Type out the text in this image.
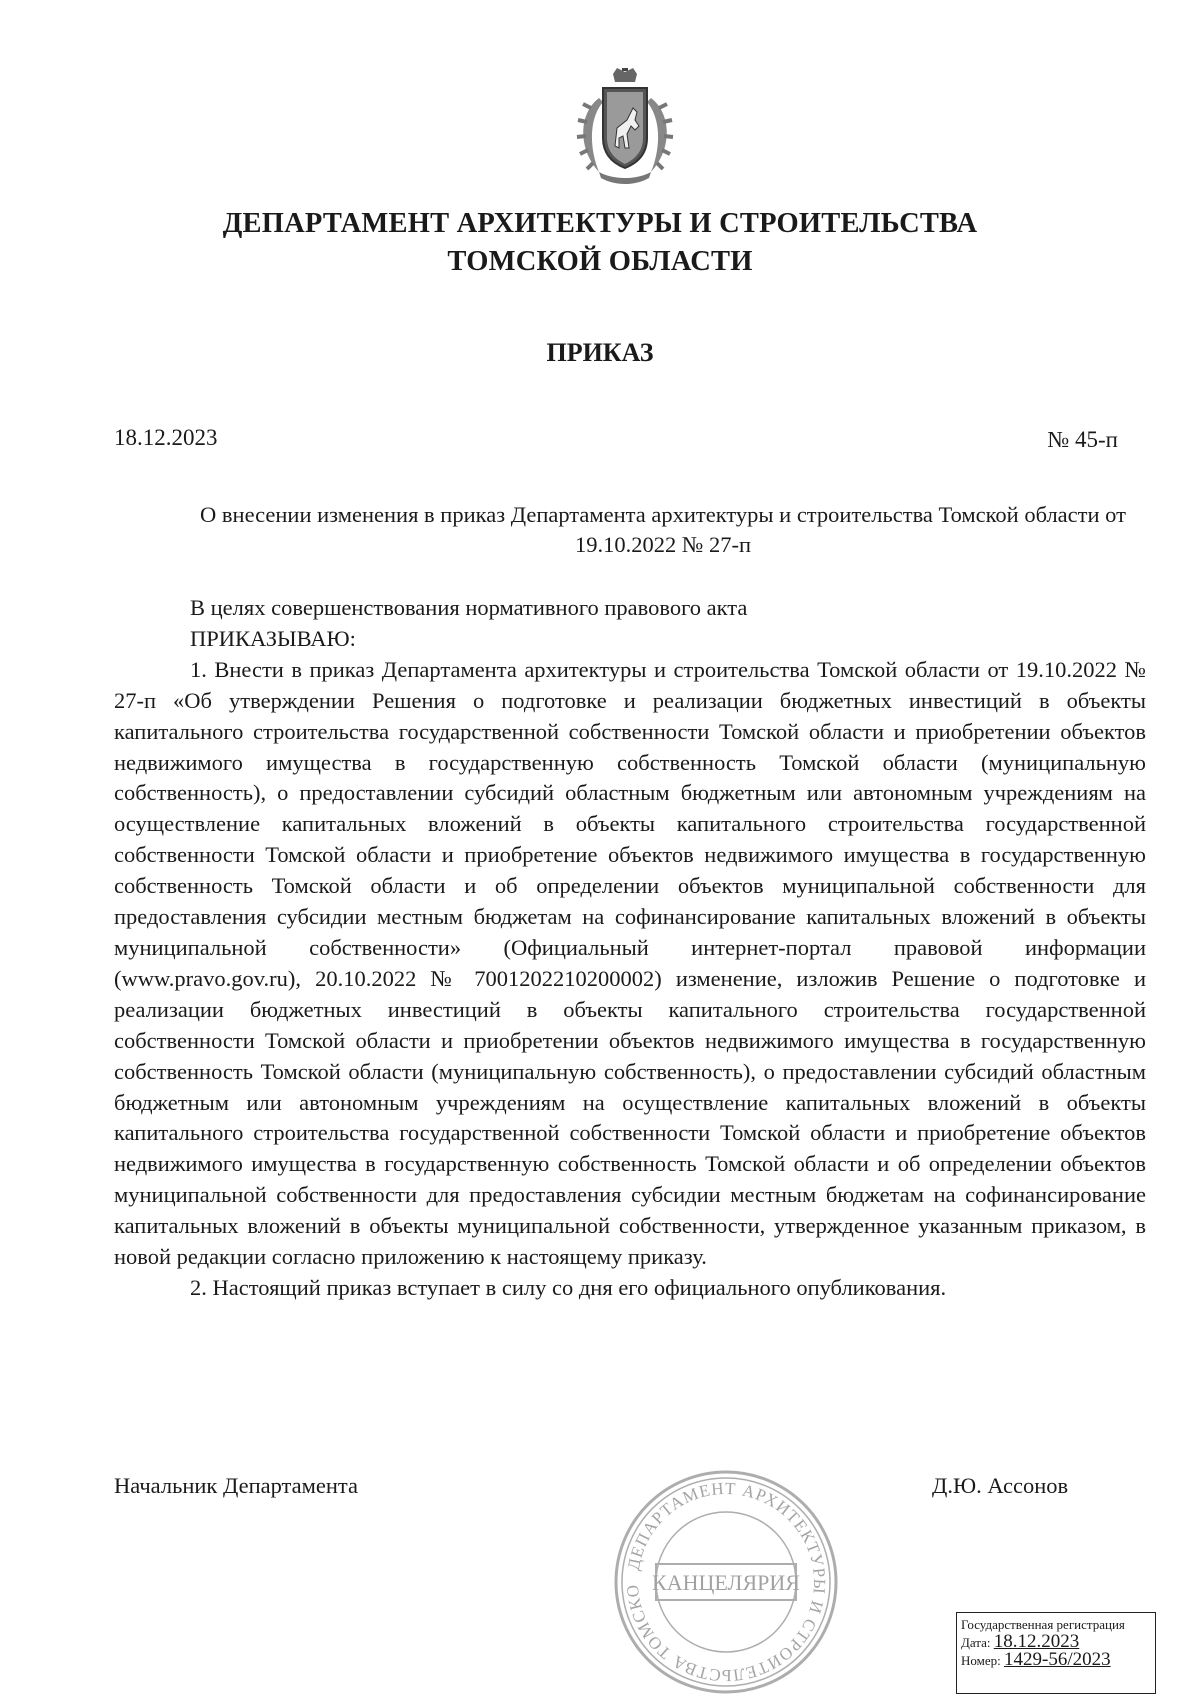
ДЕПАРТАМЕНТ АРХИТЕКТУРЫ И СТРОИТЕЛЬСТВА
ТОМСКОЙ ОБЛАСТИ
ПРИКАЗ
18.12.2023	№ 45-п
О внесении изменения в приказ Департамента архитектуры и строительства Томской области от 19.10.2022 № 27-п

В целях совершенствования нормативного правового акта

ПРИКАЗЫВАЮ:

1. Внести в приказ Департамента архитектуры и строительства Томской области от 19.10.2022 № 27-п «Об утверждении Решения о подготовке и реализации бюджетных инвестиций в объекты капитального строительства государственной собственности Томской области и приобретении объектов недвижимого имущества в государственную собственность Томской области (муниципальную собственность), о предоставлении субсидий областным бюджетным или автономным учреждениям на осуществление капитальных вложений в объекты капитального строительства государственной собственности Томской области и приобретение объектов недвижимого имущества в государственную собственность Томской области и об определении объектов муниципальной собственности для предоставления субсидии местным бюджетам на софинансирование капитальных вложений в объекты муниципальной собственности» (Официальный интернет-портал правовой информации (www.pravo.gov.ru), 20.10.2022 № 7001202210200002) изменение, изложив Решение о подготовке и реализации бюджетных инвестиций в объекты капитального строительства государственной собственности Томской области и приобретении объектов недвижимого имущества в государственную собственность Томской области (муниципальную собственность), о предоставлении субсидий областным бюджетным или автономным учреждениям на осуществление капитальных вложений в объекты капитального строительства государственной собственности Томской области и приобретение объектов недвижимого имущества в государственную собственность Томской области и об определении объектов муниципальной собственности для предоставления субсидии местным бюджетам на софинансирование капитальных вложений в объекты муниципальной собственности, утвержденное указанным приказом, в новой редакции согласно приложению к настоящему приказу.

2. Настоящий приказ вступает в силу со дня его официального опубликования.

Начальник Департамента	Д.Ю. Ассонов
ДЕПАРТАМЕНТ АРХИТЕКТУРЫ И СТРОИТЕЛЬСТВА ТОМСКО КАНЦЕЛЯРИЯ
Государственная регистрация
Дата: 18.12.2023
Номер: 1429-56/2023
